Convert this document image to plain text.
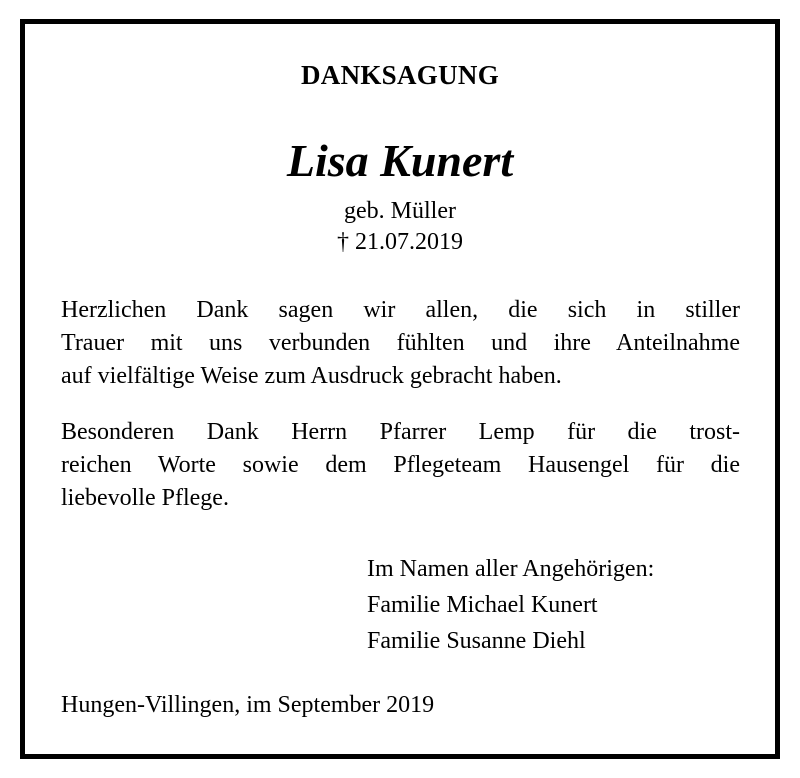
DANKSAGUNG
Lisa Kunert
geb. Müller
† 21.07.2019
Herzlichen Dank sagen wir allen, die sich in stiller
Trauer mit uns verbunden fühlten und ihre Anteilnahme
auf vielfältige Weise zum Ausdruck gebracht haben.
Besonderen Dank Herrn Pfarrer Lemp für die trost-
reichen Worte sowie dem Pflegeteam Hausengel für die
liebevolle Pflege.
Im Namen aller Angehörigen:
Familie Michael Kunert
Familie Susanne Diehl
Hungen-Villingen, im September 2019
